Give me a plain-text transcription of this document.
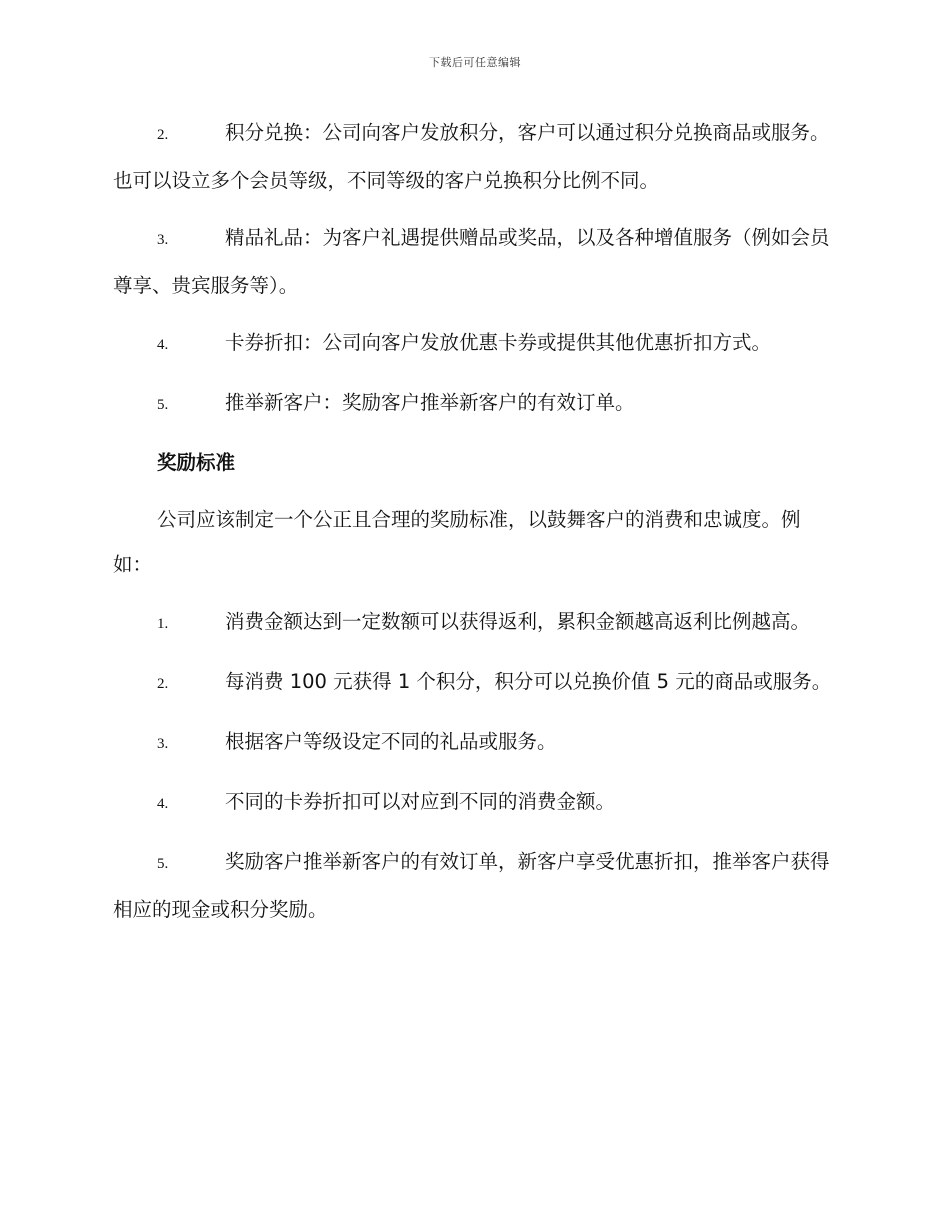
下载后可任意编辑
2.	积分兑换：公司向客户发放积分，客户可以通过积分兑换商品或服务。也可以设立多个会员等级，不同等级的客户兑换积分比例不同。
3.	精品礼品：为客户礼遇提供赠品或奖品，以及各种增值服务（例如会员尊享、贵宾服务等）。
4.	卡券折扣：公司向客户发放优惠卡券或提供其他优惠折扣方式。
5.	推举新客户：奖励客户推举新客户的有效订单。
奖励标准
公司应该制定一个公正且合理的奖励标准，以鼓舞客户的消费和忠诚度。例如：
1.	消费金额达到一定数额可以获得返利，累积金额越高返利比例越高。
2.	每消费 100 元获得 1 个积分，积分可以兑换价值 5 元的商品或服务。
3.	根据客户等级设定不同的礼品或服务。
4.	不同的卡券折扣可以对应到不同的消费金额。
5.	奖励客户推举新客户的有效订单，新客户享受优惠折扣，推举客户获得相应的现金或积分奖励。
